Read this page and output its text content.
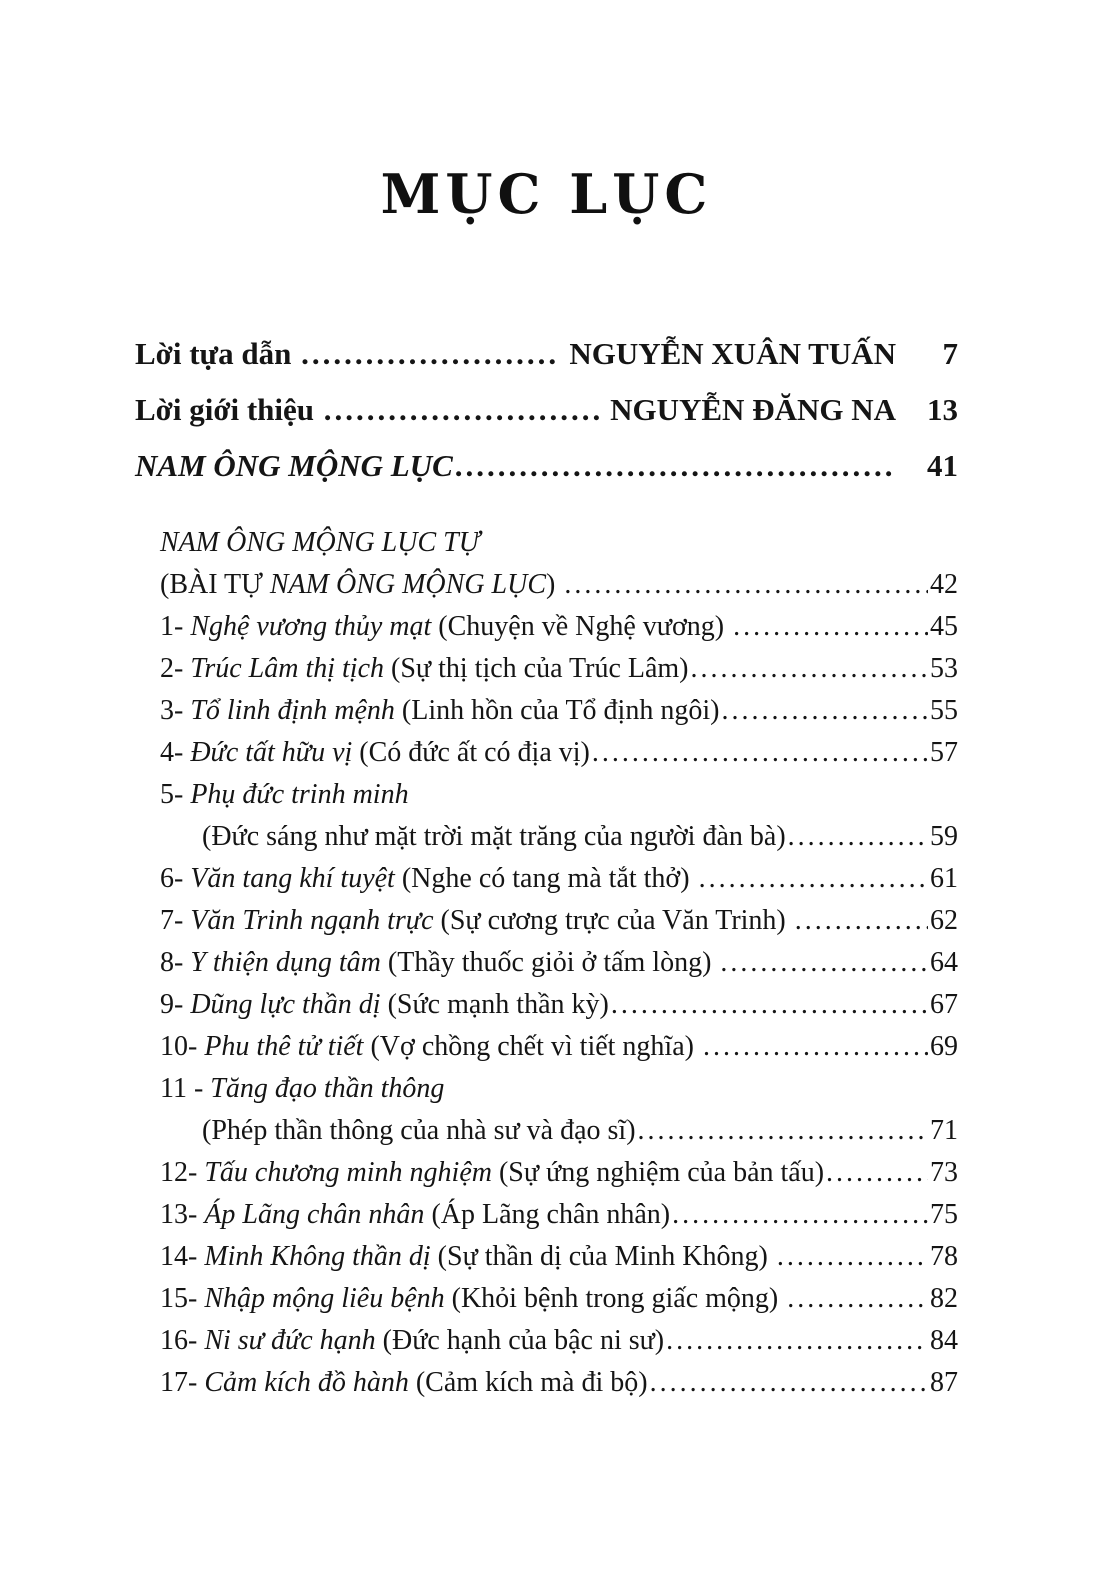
MỤC LỤC
Lời tựa dẫn .....	NGUYỄN XUÂN TUẤN	7
Lời giới thiệu .....	NGUYỄN ĐĂNG NA	13
NAM ÔNG MỘNG LỤC .....	41
NAM ÔNG MỘNG LỤC TỰ
(BÀI TỰ NAM ÔNG MỘNG LỤC) .....	42
1- Nghệ vương thủy mạt (Chuyện về Nghệ vương) .....	45
2- Trúc Lâm thị tịch (Sự thị tịch của Trúc Lâm) .....	53
3- Tổ linh định mệnh (Linh hồn của Tổ định ngôi) .....	55
4- Đức tất hữu vị (Có đức ất có địa vị) .....	57
5- Phụ đức trinh minh
(Đức sáng như mặt trời mặt trăng của người đàn bà) .....	59
6- Văn tang khí tuyệt (Nghe có tang mà tắt thở) .....	61
7- Văn Trinh ngạnh trực (Sự cương trực của Văn Trinh) .....	62
8- Y thiện dụng tâm (Thầy thuốc giỏi ở tấm lòng) .....	64
9- Dũng lực thần dị (Sức mạnh thần kỳ) .....	67
10- Phu thê tử tiết (Vợ chồng chết vì tiết nghĩa) .....	69
11 - Tăng đạo thần thông
(Phép thần thông của nhà sư và đạo sĩ) .....	71
12- Tấu chương minh nghiệm (Sự ứng nghiệm của bản tấu) .....	73
13- Áp Lãng chân nhân (Áp Lãng chân nhân) .....	75
14- Minh Không thần dị (Sự thần dị của Minh Không) .....	78
15- Nhập mộng liêu bệnh (Khỏi bệnh trong giấc mộng) .....	82
16- Ni sư đức hạnh (Đức hạnh của bậc ni sư) .....	84
17- Cảm kích đồ hành (Cảm kích mà đi bộ) .....	87
